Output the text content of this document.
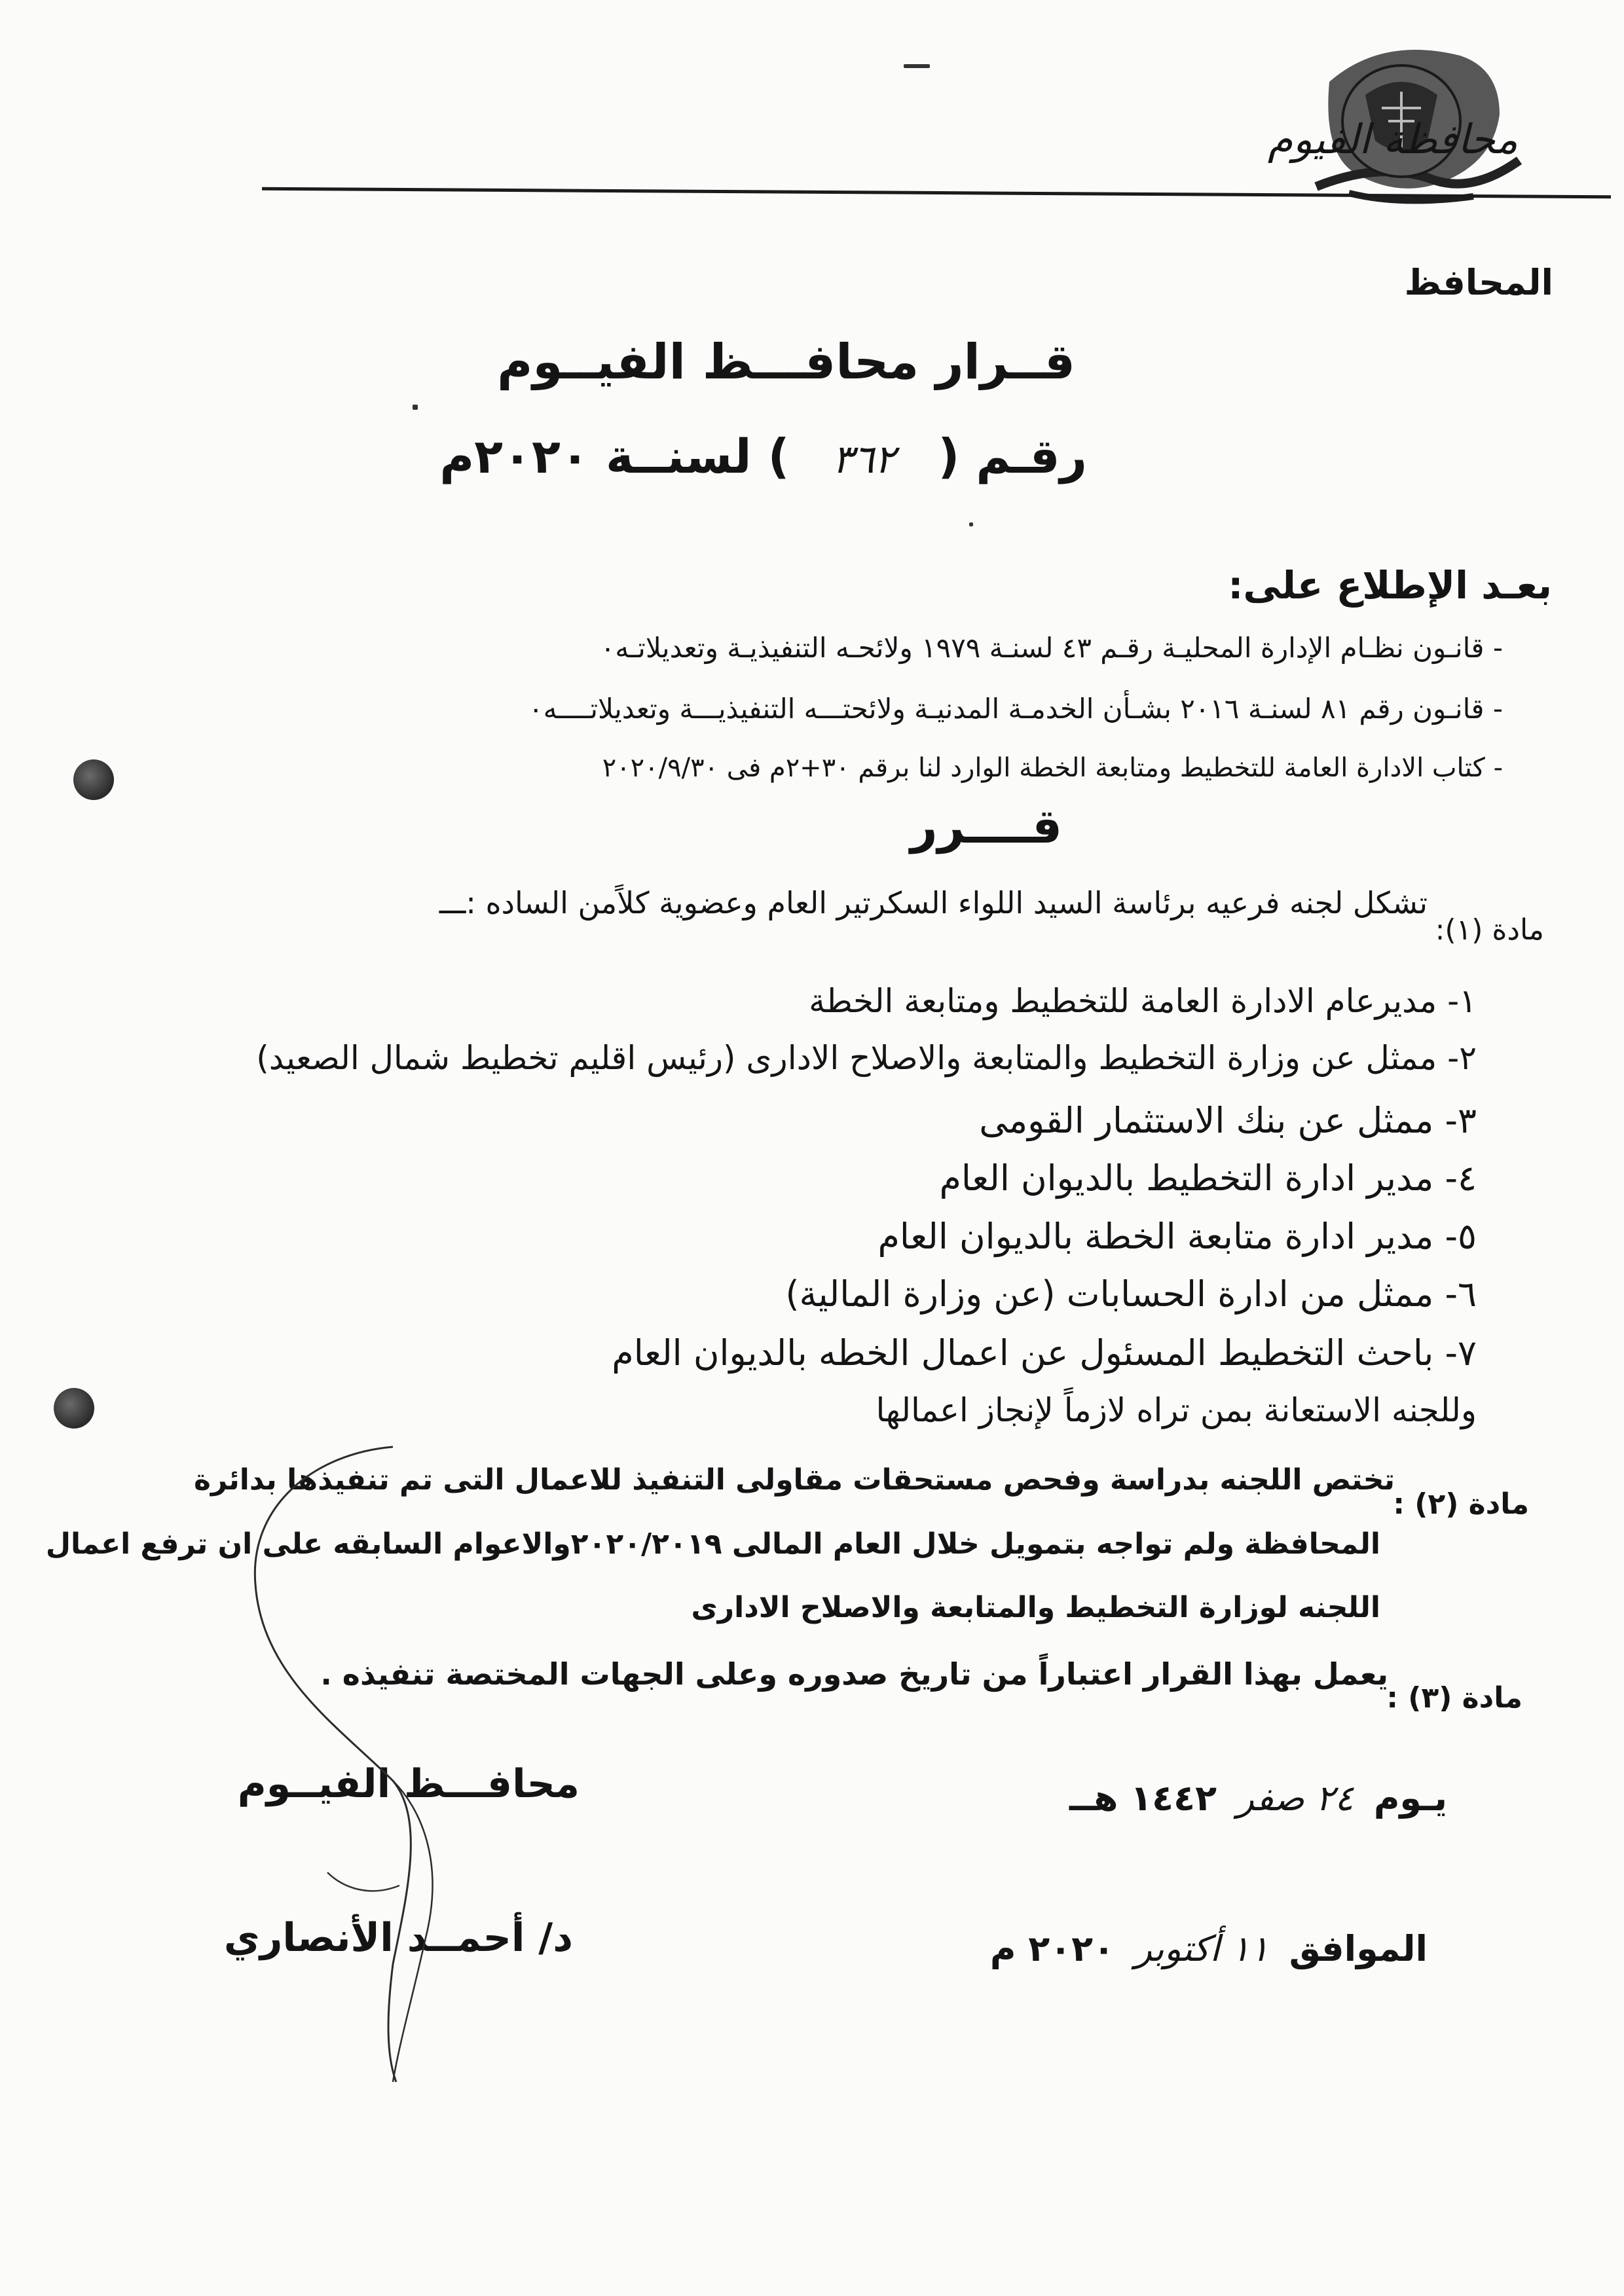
محافظة الفيوم
المحافظ
قــرار محافـــظ الفيــوم
رقـم ( ٣٦٢ ) لسنــة ٢٠٢٠م
بعـد الإطلاع على:
- قانـون نظـام الإدارة المحليـة رقـم ٤٣ لسنـة ١٩٧٩ ولائحـه التنفيذيـة وتعديلاتـه٠
- قانـون رقم ٨١ لسنـة ٢٠١٦ بشـأن الخدمـة المدنيـة ولائحتـــه التنفيذيـــة وتعديلاتــــه٠
- كتاب الادارة العامة للتخطيط ومتابعة الخطة الوارد لنا برقم ٣٠+٢م فى ٢٠٢٠/٩/٣٠
قــــرر
مادة (١):
تشكل لجنه فرعيه برئاسة السيد اللواء السكرتير العام وعضوية كلاًمن الساده :ـــ
١- مديرعام الادارة العامة للتخطيط ومتابعة الخطة
٢- ممثل عن وزارة التخطيط والمتابعة والاصلاح الادارى (رئيس اقليم تخطيط شمال الصعيد)
٣- ممثل عن بنك الاستثمار القومى
٤- مدير ادارة التخطيط بالديوان العام
٥- مدير ادارة متابعة الخطة بالديوان العام
٦- ممثل من ادارة الحسابات (عن وزارة المالية)
٧- باحث التخطيط المسئول عن اعمال الخطه بالديوان العام
وللجنه الاستعانة بمن تراه لازماً لإنجاز اعمالها
مادة (٢) :
تختص اللجنه بدراسة وفحص مستحقات مقاولى التنفيذ للاعمال التى تم تنفيذها بدائرة
المحافظة ولم تواجه بتمويل خلال العام المالى ٢٠٢٠/٢٠١٩والاعوام السابقه على ان ترفع اعمال
اللجنه لوزارة التخطيط والمتابعة والاصلاح الادارى
مادة (٣) :
يعمل بهذا القرار اعتباراً من تاريخ صدوره وعلى الجهات المختصة تنفيذه .
يـوم ٢٤ صفر ١٤٤٢ هــ
الموافق ١١ أكتوبر ٢٠٢٠ م
محافـــظ الفيــوم
د/ أحمــد الأنصاري
